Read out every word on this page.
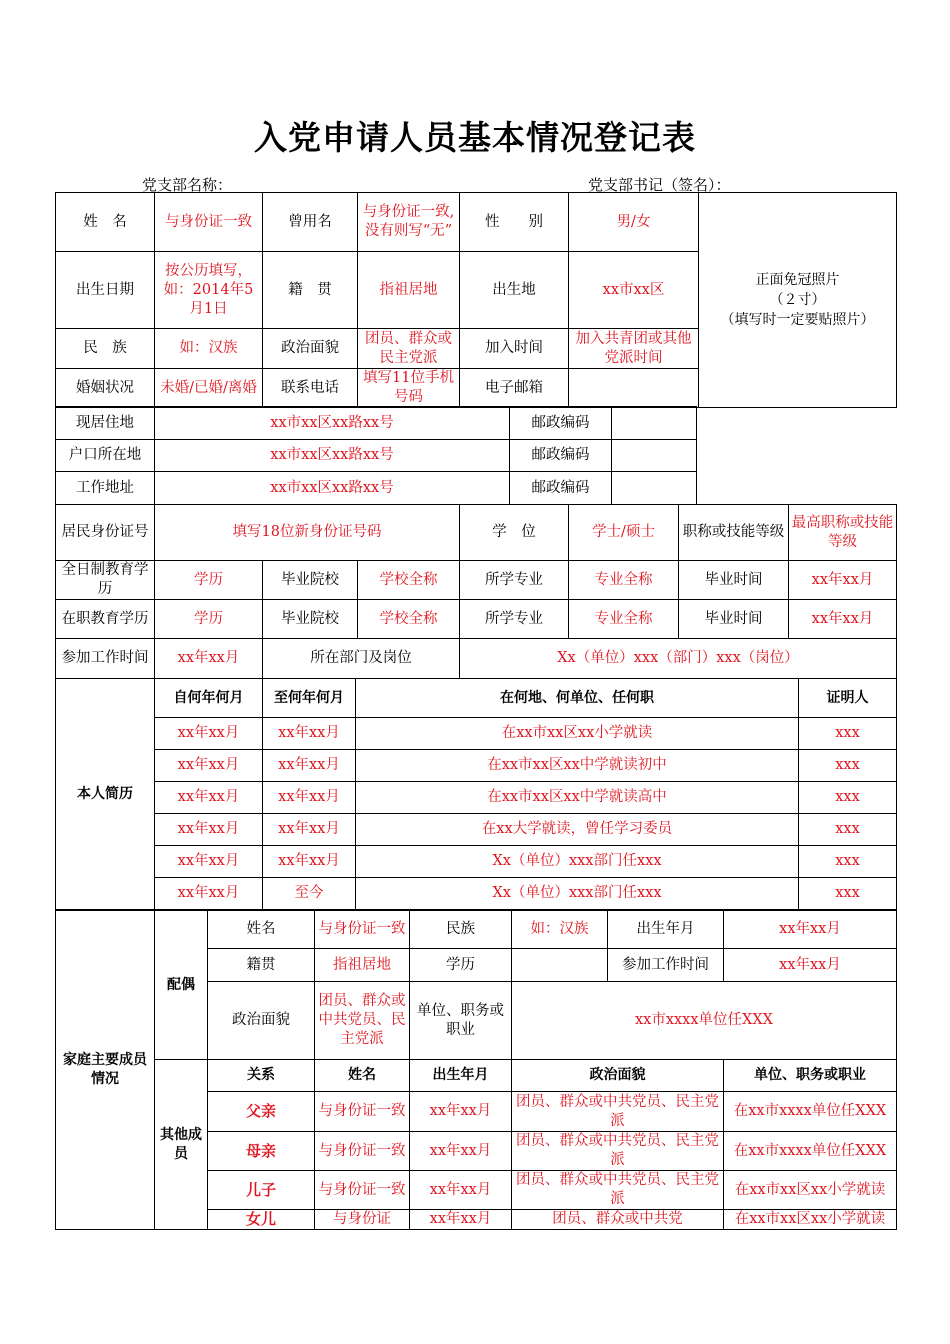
入党申请人员基本情况登记表
党支部名称：	党支部书记（签名）：
姓　名	与身份证一致	曾用名	与身份证一致,没有则写“无”	性　　别	男/女	正面免冠照片
（２寸）
（填写时一定要贴照片）

出生日期	按公历填写，如：2014年5月1日	籍　贯	指祖居地	出生地	xx市xx区	
民　族	如：汉族	政治面貌	团员、群众或民主党派	加入时间	加入共青团或其他党派时间	
婚姻状况	未婚/已婚/离婚	联系电话	填写11位手机号码	电子邮箱		
现居住地	xx市xx区xx路xx号	邮政编码		
户口所在地	xx市xx区xx路xx号	邮政编码		
工作地址	xx市xx区xx路xx号	邮政编码		
居民身份证号	填写18位新身份证号码			学　位	学士/硕士	职称或技能等级	最高职称或技能等级
全日制教育学历	学历	毕业院校	学校全称	所学专业	专业全称	毕业时间	xx年xx月
在职教育学历	学历	毕业院校	学校全称	所学专业	专业全称	毕业时间	xx年xx月
参加工作时间	xx年xx月	所在部门及岗位		Xx（单位）xxx（部门）xxx（岗位）			
本人简历	自何年何月	至何年何月	在何地、何单位、任何职	证明人
	xx年xx月	xx年xx月	在xx市xx区xx小学就读	xxx
	xx年xx月	xx年xx月	在xx市xx区xx中学就读初中	xxx
	xx年xx月	xx年xx月	在xx市xx区xx中学就读高中	xxx
	xx年xx月	xx年xx月	在xx大学就读，曾任学习委员	xxx
	xx年xx月	xx年xx月	Xx（单位）xxx部门任xxx	xxx
	xx年xx月	至今	Xx（单位）xxx部门任xxx	xxx
家庭主要成员情况	配偶	姓名	与身份证一致	民族	如：汉族	出生年月	xx年xx月
		籍贯	指祖居地	学历		参加工作时间	xx年xx月
		政治面貌	团员、群众或中共党员、民主党派	单位、职务或职业	xx市xxxx单位任XXX		
	其他成员	关系	姓名	出生年月	政治面貌		单位、职务或职业
		父亲	与身份证一致	xx年xx月	团员、群众或中共党员、民主党派		在xx市xxxx单位任XXX
		母亲	与身份证一致	xx年xx月	团员、群众或中共党员、民主党派		在xx市xxxx单位任XXX
		儿子	与身份证一致	xx年xx月	团员、群众或中共党员、民主党派		在xx市xx区xx小学就读
		女儿	与身份证	xx年xx月	团员、群众或中共党		在xx市xx区xx小学就读
